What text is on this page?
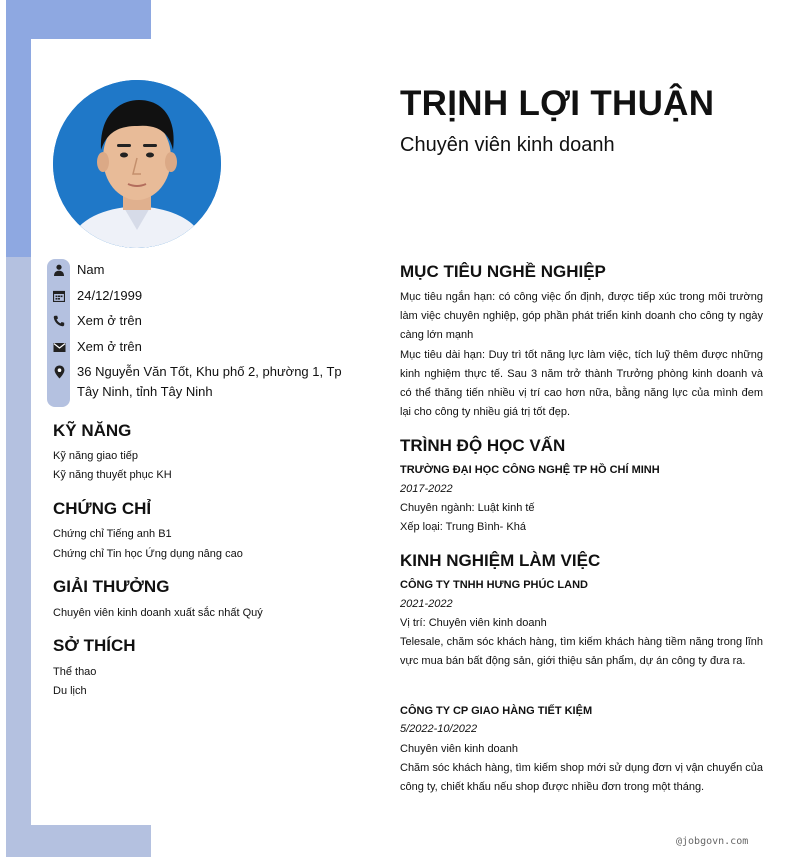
TRỊNH LỢI THUẬN
Chuyên viên kinh doanh
Nam
24/12/1999
Xem ở trên
Xem ở trên
36 Nguyễn Văn Tốt, Khu phố 2, phường 1, Tp Tây Ninh, tỉnh Tây Ninh
KỸ NĂNG
Kỹ năng giao tiếp
Kỹ năng thuyết phục KH
CHỨNG CHỈ
Chứng chỉ Tiếng anh B1
Chứng chỉ Tin học Ứng dụng nâng cao
GIẢI THƯỞNG
Chuyên viên kinh doanh xuất sắc nhất Quý
SỞ THÍCH
Thể thao
Du lịch
MỤC TIÊU NGHỀ NGHIỆP
Mục tiêu ngắn hạn: có công việc ổn định, được tiếp xúc trong môi trường làm việc chuyên nghiệp, góp phần phát triển kinh doanh cho công ty ngày càng lớn mạnh
Mục tiêu dài hạn: Duy trì tốt năng lực làm việc, tích luỹ thêm được những kinh nghiệm thực tế. Sau 3 năm trở thành Trưởng phòng kinh doanh và có thể thăng tiến nhiều vị trí cao hơn nữa, bằng năng lực của mình đem lại cho công ty nhiều giá trị tốt đẹp.
TRÌNH ĐỘ HỌC VẤN
TRƯỜNG ĐẠI HỌC CÔNG NGHỆ TP HỒ CHÍ MINH
2017-2022
Chuyên ngành: Luật kinh tế
Xếp loại: Trung Bình- Khá
KINH NGHIỆM LÀM VIỆC
CÔNG TY TNHH HƯNG PHÚC LAND
2021-2022
Vị trí: Chuyên viên kinh doanh
Telesale, chăm sóc khách hàng, tìm kiếm khách hàng tiềm năng trong lĩnh vực mua bán bất động sản, giới thiệu sản phẩm, dự án công ty đưa ra.
CÔNG TY CP GIAO HÀNG TIẾT KIỆM
5/2022-10/2022
Chuyên viên kinh doanh
Chăm sóc khách hàng, tìm kiếm shop mới sử dụng đơn vị vận chuyển của công ty, chiết khấu nếu shop được nhiều đơn trong một tháng.
@jobgovn.com
